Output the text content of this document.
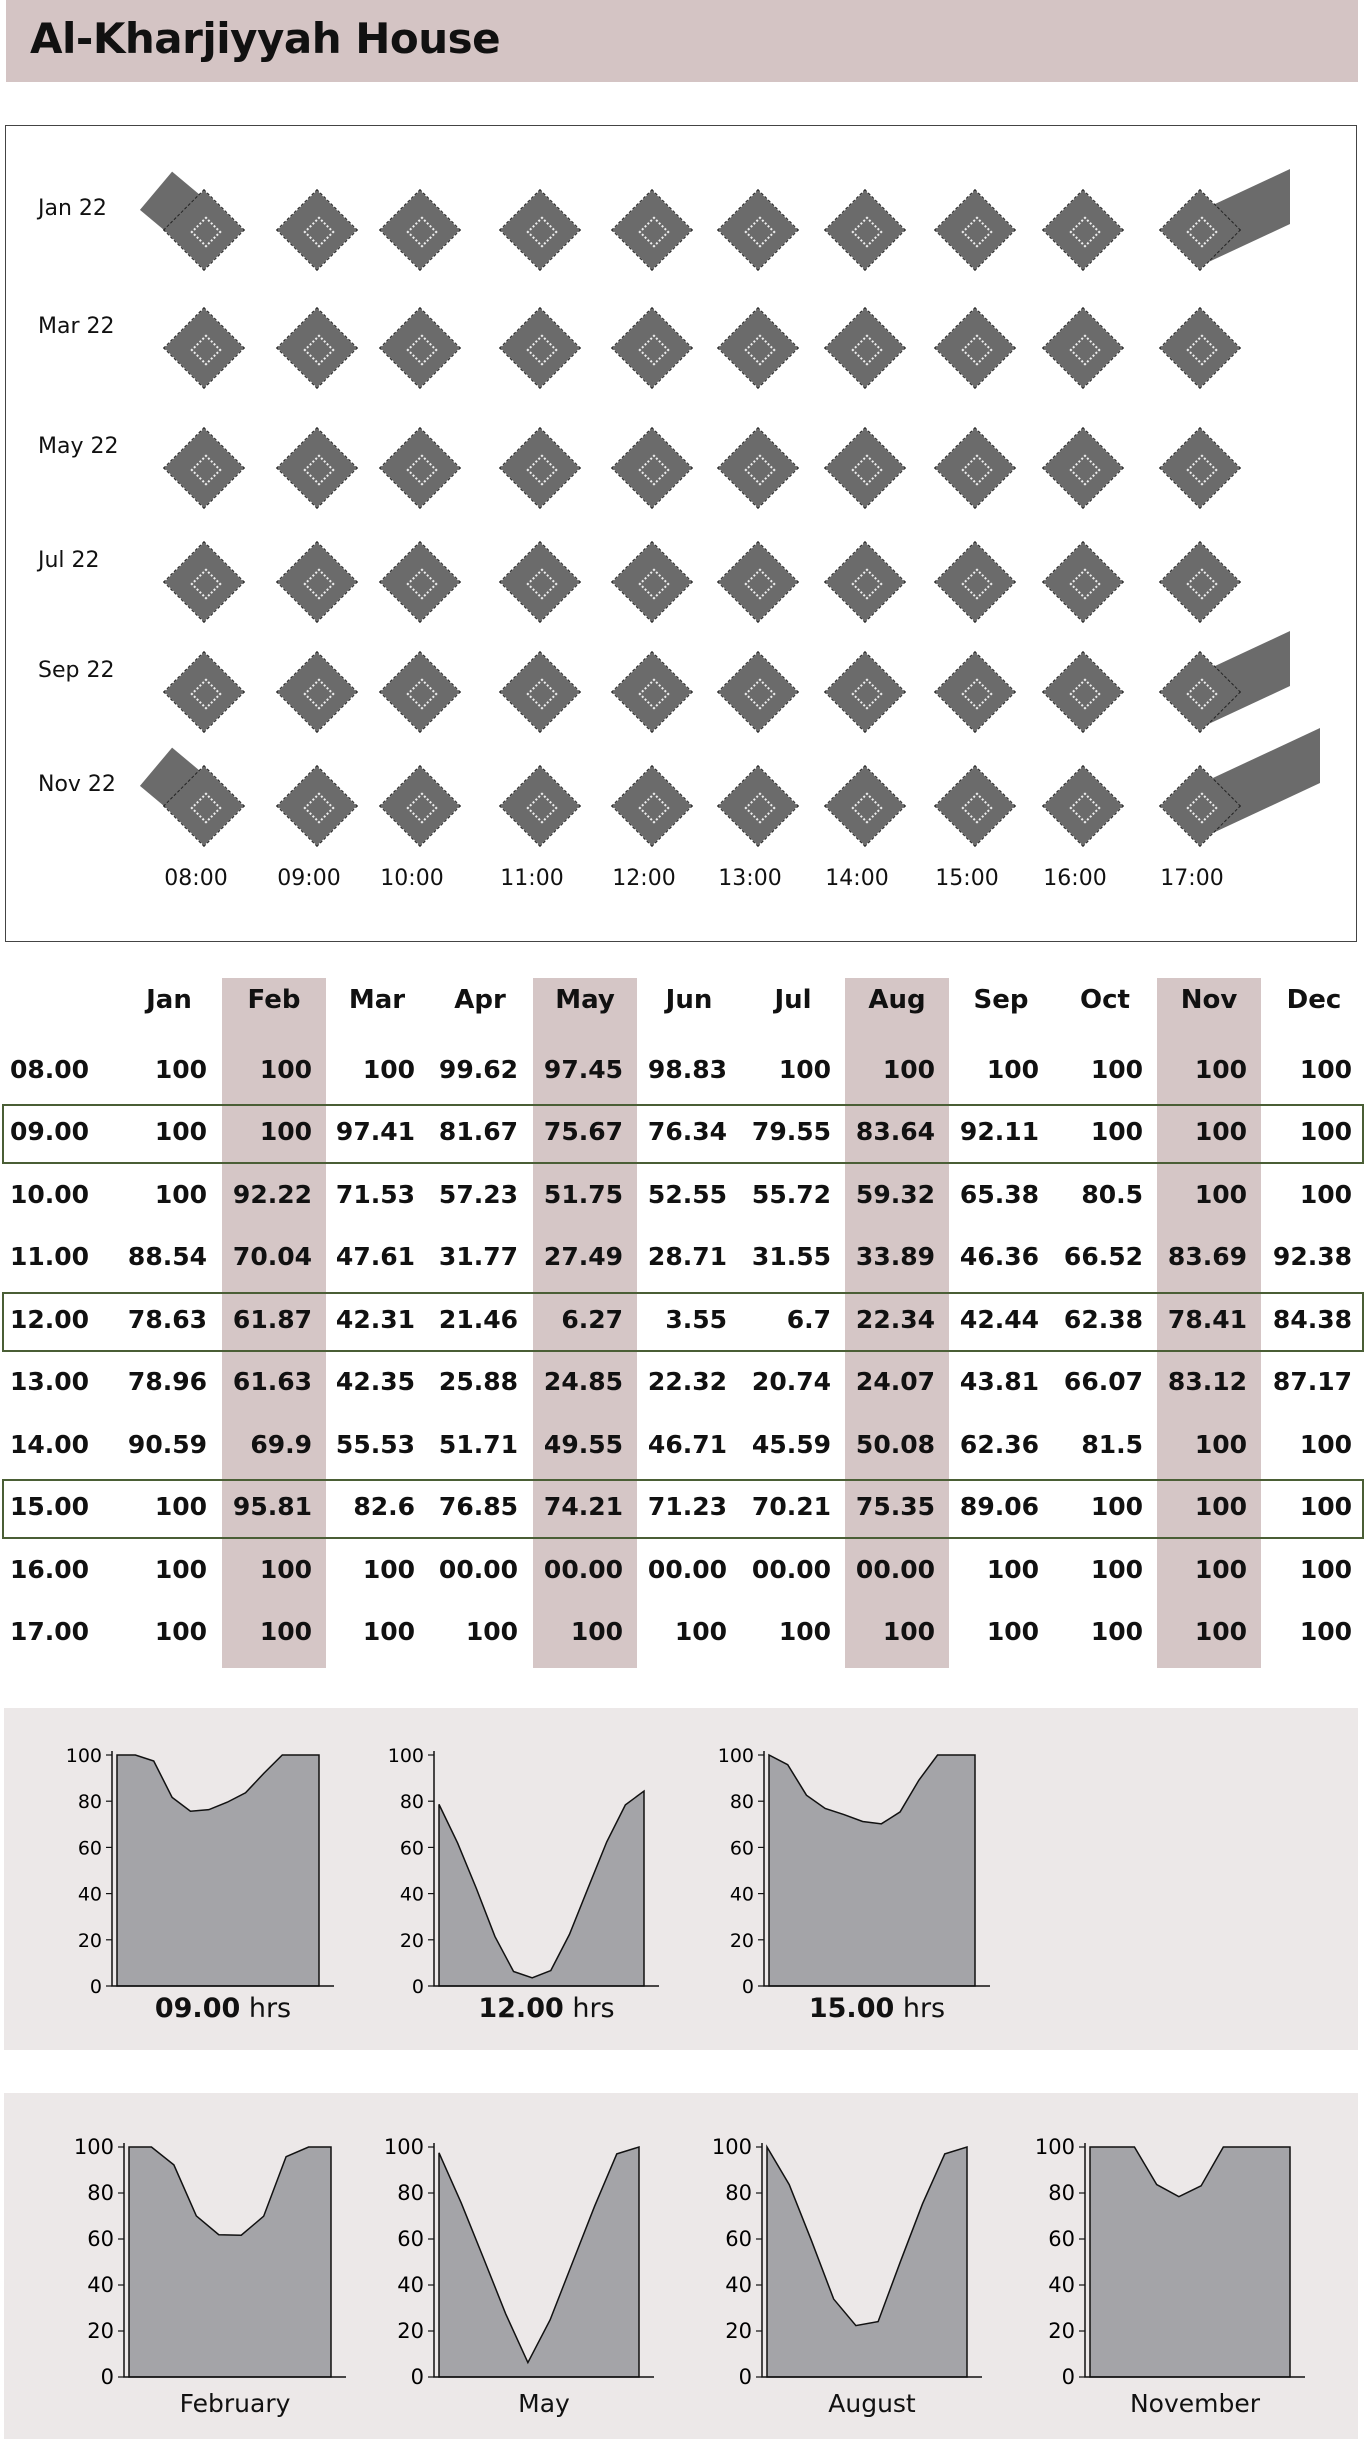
Al-Kharjiyyah House
Jan 22
Mar 22
May 22
Jul 22
Sep 22
Nov 22
08:00 09:00 10:00	11:00 12:00 13:00 14:00 15:00 16:00 17:00
Jan Feb Mar Apr May Jun Jul Aug Sep Oct Nov Dec
08.00	100	100	100 99.62	97.45 98.83	100	100	100	100	100	100
09.00	100	100 97.41 81.67	75.67 76.34 79.55 83.64 92.11	100	100	100
10.00	100	92.22 71.53 57.23	51.75 52.55 55.72 59.32 65.38	80.5	100	100
11.00	88.54	70.04 47.61 31.77	27.49 28.71 31.55 33.89 46.36 66.52 83.69	92.38
12.00	78.63	61.87 42.31 21.46	6.27	3.55	6.7 22.34 42.44 62.38 78.41	84.38
13.00	78.96	61.63 42.35 25.88	24.85 22.32 20.74 24.07 43.81 66.07 83.12	87.17
14.00	90.59	69.9 55.53 51.71	49.55 46.71 45.59 50.08 62.36	81.5	100	100
15.00	100	95.81	82.6 76.85	74.21 71.23 70.21 75.35 89.06	100	100	100
16.00	100	100	100 00.00	00.00 00.00 00.00 00.00	100	100	100	100
17.00	100	100	100	100	100	100	100	100	100	100	100	100
0
20
40
60
80
100
09.00 hrs
0
20
40
60
80
100
12.00 hrs
0
20
40
60
80
100
15.00 hrs
0
20
40
60
80
100
February
0
20
40
60
80
100
May
0
20
40
60
80
100
August
0
20
40
60
80
100
November
